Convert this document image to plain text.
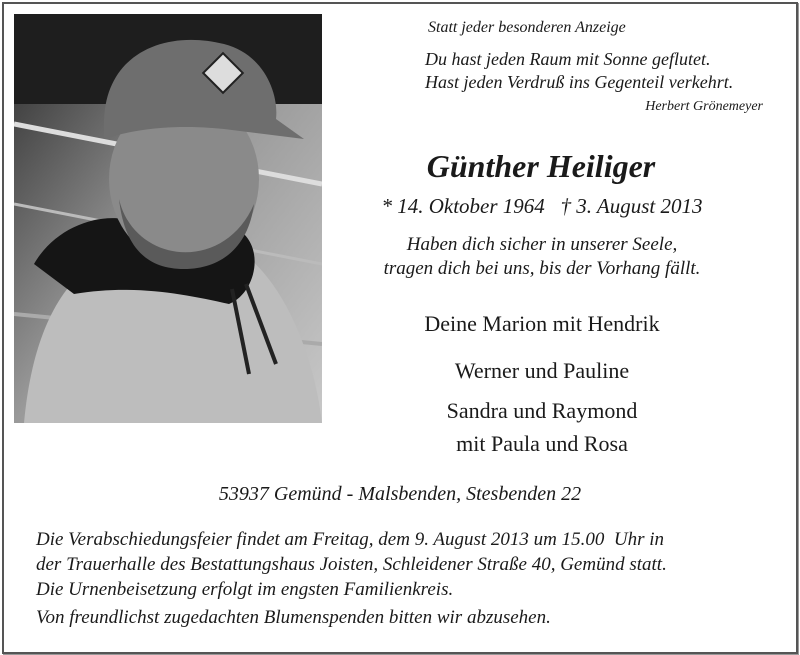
Statt jeder besonderen Anzeige
Du hast jeden Raum mit Sonne geflutet.
Hast jeden Verdruß ins Gegenteil verkehrt.
Herbert Grönemeyer
Günther Heiliger
* 14. Oktober 1964   † 3. August 2013
Haben dich sicher in unserer Seele,
tragen dich bei uns, bis der Vorhang fällt.
Deine Marion mit Hendrik
Werner und Pauline
Sandra und Raymond
mit Paula und Rosa
53937 Gemünd - Malsbenden, Stesbenden 22
Die Verabschiedungsfeier findet am Freitag, dem 9. August 2013 um 15.00  Uhr in
der Trauerhalle des Bestattungshaus Joisten, Schleidener Straße 40, Gemünd statt.
Die Urnenbeisetzung erfolgt im engsten Familienkreis.
Von freundlichst zugedachten Blumenspenden bitten wir abzusehen.
